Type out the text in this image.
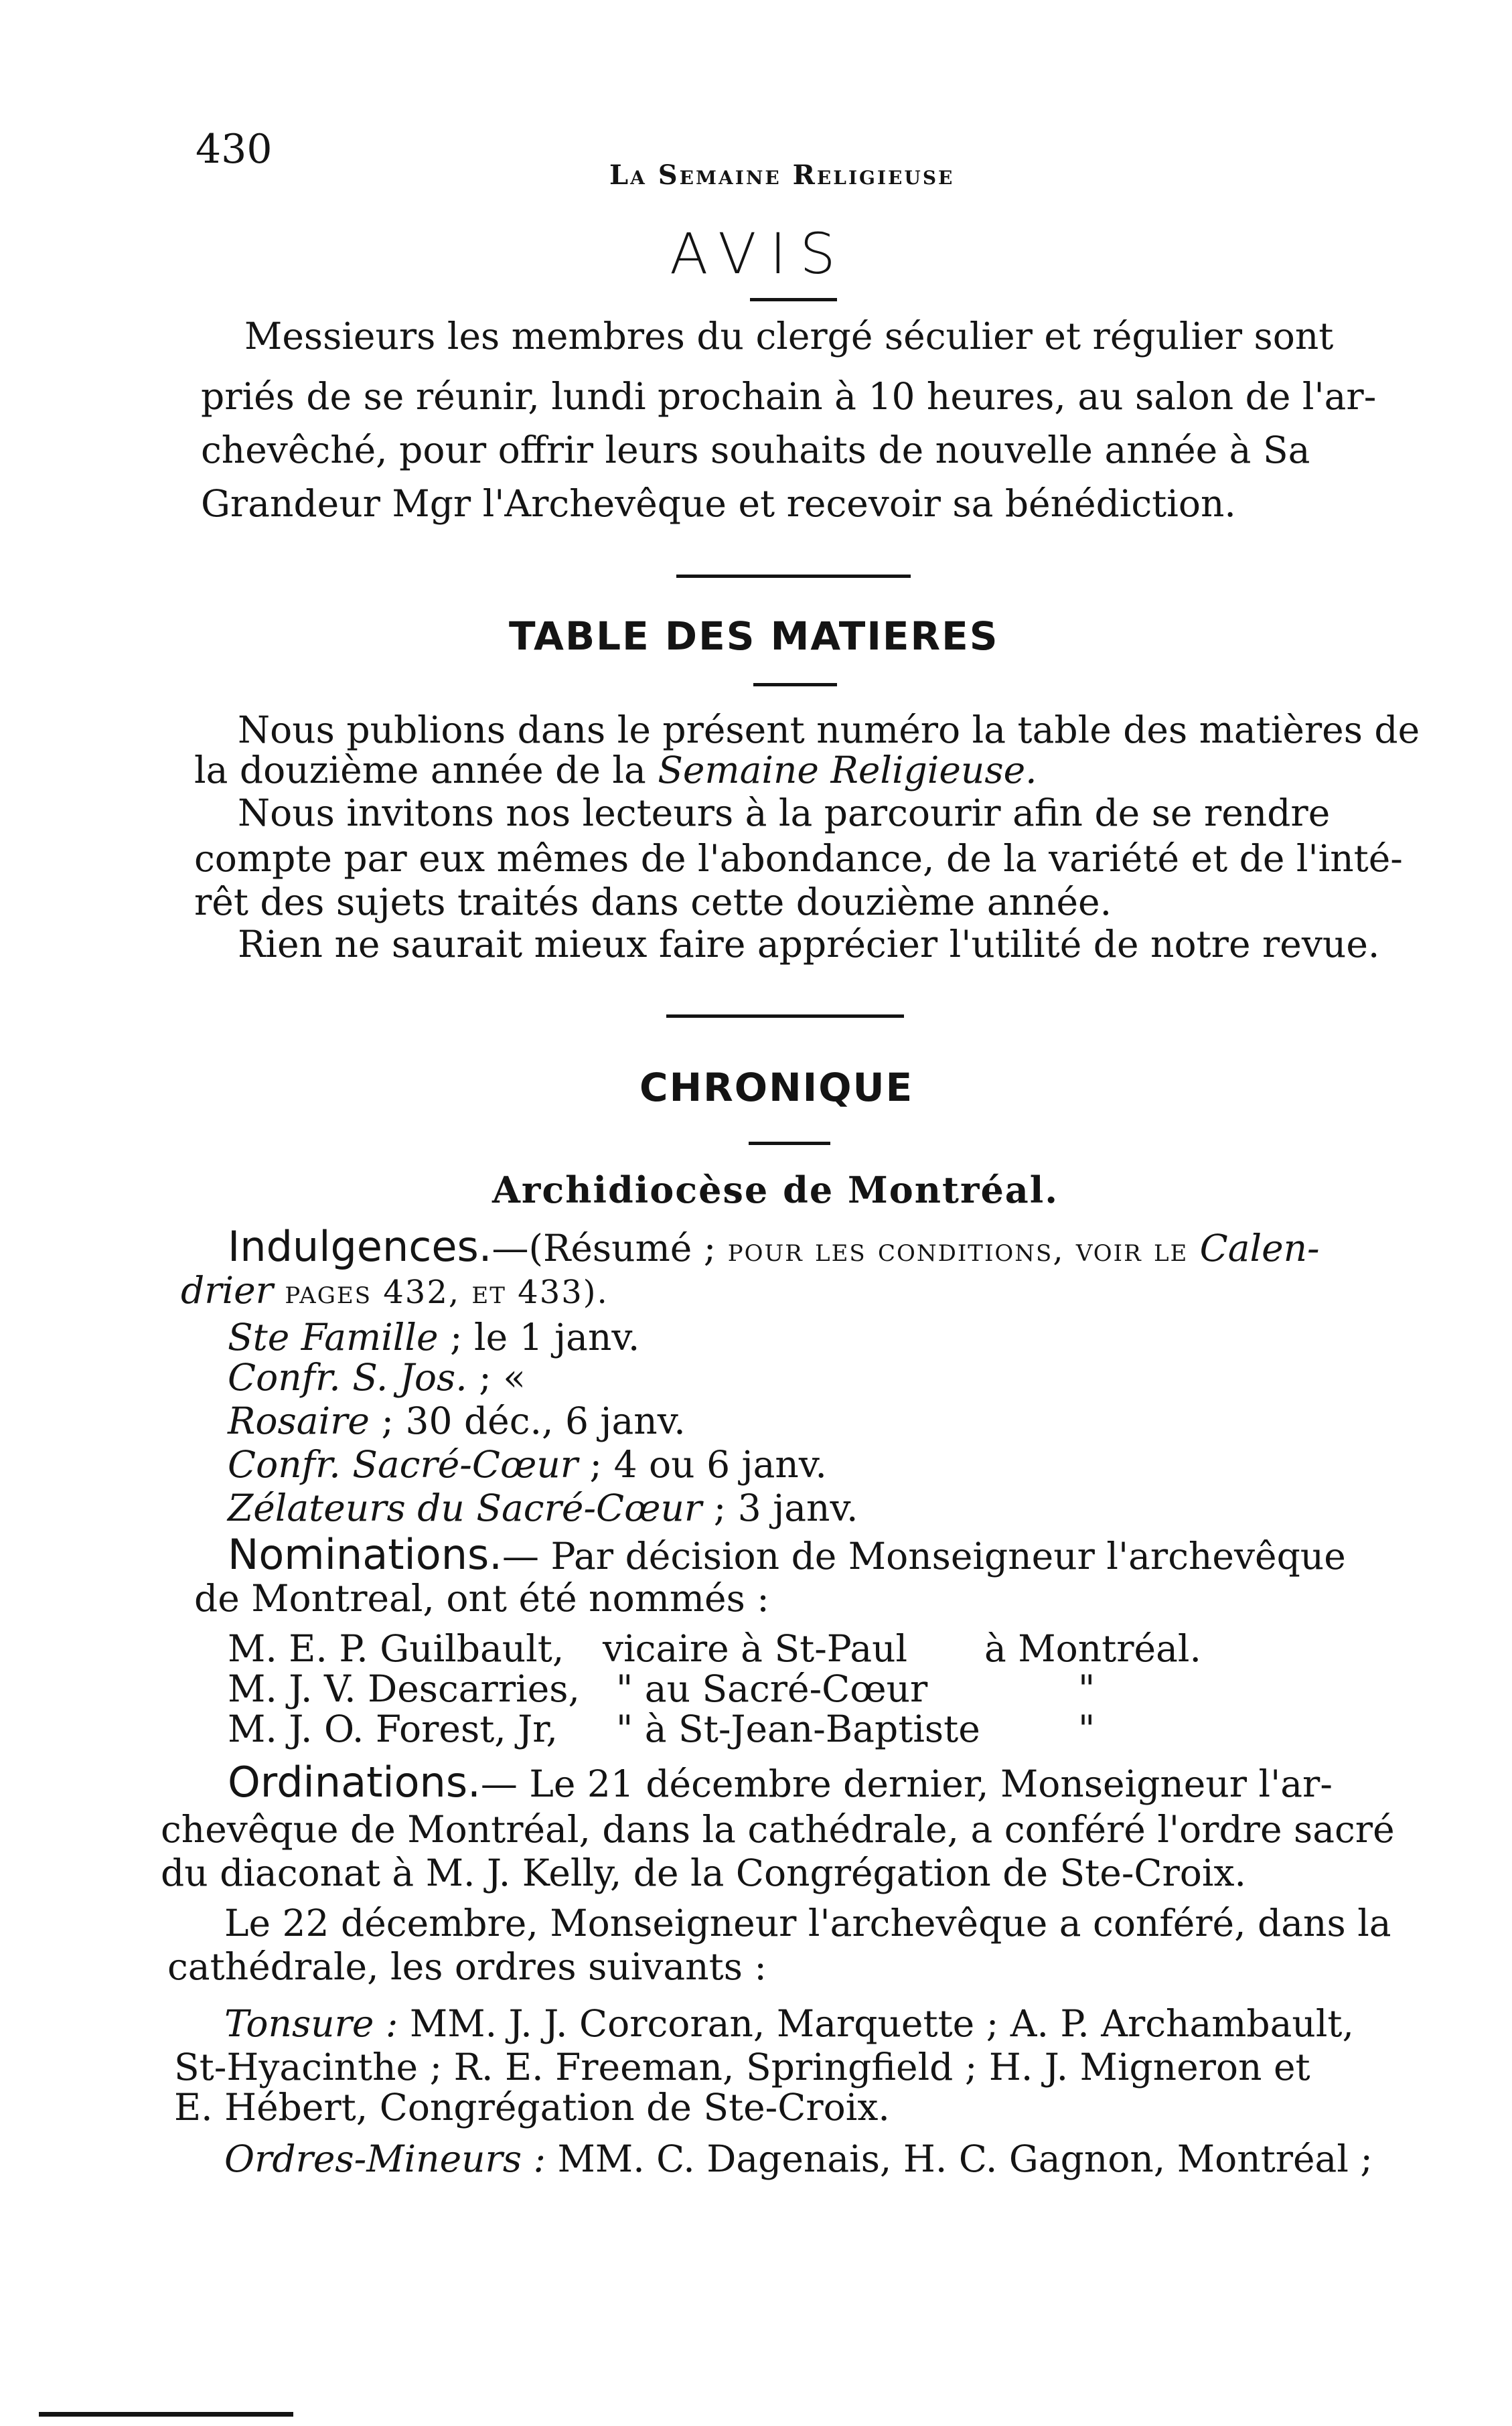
430
La Semaine Religieuse
AVIS
Messieurs les membres du clergé séculier et régulier sont
priés de se réunir, lundi prochain à 10 heures, au salon de l'ar-
chevêché, pour offrir leurs souhaits de nouvelle année à Sa
Grandeur Mgr l'Archevêque et recevoir sa bénédiction.
TABLE DES MATIERES
Nous publions dans le présent numéro la table des matières de
la douzième année de la Semaine Religieuse.
Nous invitons nos lecteurs à la parcourir afin de se rendre
compte par eux mêmes de l'abondance, de la variété et de l'inté-
rêt des sujets traités dans cette douzième année.
Rien ne saurait mieux faire apprécier l'utilité de notre revue.
CHRONIQUE
Archidiocèse de Montréal.
Indulgences.—(Résumé ; pour les conditions, voir le Calen-
drier pages 432, et 433).
Ste Famille ; le 1 janv.
Confr. S. Jos. ; «
Rosaire ; 30 déc., 6 janv.
Confr. Sacré-Cœur ; 4 ou 6 janv.
Zélateurs du Sacré-Cœur ; 3 janv.
Nominations.— Par décision de Monseigneur l'archevêque
de Montreal, ont été nommés :
M. E. P. Guilbault, vicaire à St-Paul à Montréal.
M. J. V. Descarries, " au Sacré-Cœur	"
M. J. O. Forest, Jr, " à St-Jean-Baptiste	"
Ordinations.— Le 21 décembre dernier, Monseigneur l'ar-
chevêque de Montréal, dans la cathédrale, a conféré l'ordre sacré
du diaconat à M. J. Kelly, de la Congrégation de Ste-Croix.
Le 22 décembre, Monseigneur l'archevêque a conféré, dans la
cathédrale, les ordres suivants :
Tonsure : MM. J. J. Corcoran, Marquette ; A. P. Archambault,
St-Hyacinthe ; R. E. Freeman, Springfield ; H. J. Migneron et
E. Hébert, Congrégation de Ste-Croix.
Ordres-Mineurs : MM. C. Dagenais, H. C. Gagnon, Montréal ;
